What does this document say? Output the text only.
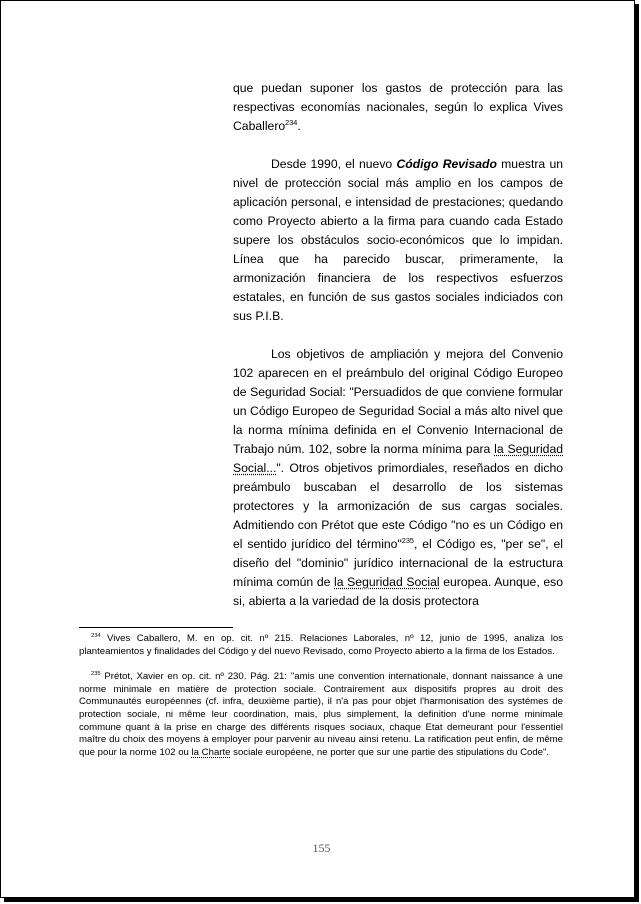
que puedan suponer los gastos de protección para las respectivas economías nacionales, según lo explica Vives Caballero$^{234}$.

Desde 1990, el nuevo Código Revisado muestra un nivel de protección social más amplio en los campos de aplicación personal, e intensidad de prestaciones; quedando como Proyecto abierto a la firma para cuando cada Estado supere los obstáculos socio-económicos que lo impidan. Línea que ha parecido buscar, primeramente, la armonización financiera de los respectivos esfuerzos estatales, en función de sus gastos sociales indiciados con sus P.I.B.

Los objetivos de ampliación y mejora del Convenio 102 aparecen en el preámbulo del original Código Europeo de Seguridad Social: "Persuadidos de que conviene formular un Código Europeo de Seguridad Social a más alto nivel que la norma mínima definida en el Convenio Internacional de Trabajo núm. 102, sobre la norma mínima para la Seguridad Social...". Otros objetivos primordiales, reseñados en dicho preámbulo buscaban el desarrollo de los sistemas protectores y la armonización de sus cargas sociales. Admitiendo con Prétot que este Código "no es un Código en el sentido jurídico del término"$^{235}$, el Código es, "per se", el diseño del "dominio" jurídico internacional de la estructura mínima común de la Seguridad Social europea. Aunque, eso si, abierta a la variedad de la dosis protectora

$^{234}$ Vives Caballero, M. en op. cit. nº 215. Relaciones Laborales, nº 12, junio de 1995, analiza los planteamientos y finalidades del Código y del nuevo Revisado, como Proyecto abierto a la firma de los Estados.

$^{235}$ Prétot, Xavier en op. cit. nº 230. Pág. 21: "amis une convention internationale, donnant naissance à une norme minimale en matière de protection sociale. Contrairement aux dispositifs propres au droit des Communautés européennes (cf. infra, deuxième partie), il n'a pas pour objet l'harmonisation des systémes de protection sociale, ni même leur coordination, mais, plus simplement, la definition d'une norme minimale commune quant à la prise en charge des différents risques sociaux, chaque Etat demeurant pour l'essentiel maître du choix des moyens à employer pour parvenir au niveau ainsi retenu. La ratification peut enfin, de même que pour la norme 102 ou la Charte sociale européene, ne porter que sur une partie des stipulations du Code".

155
